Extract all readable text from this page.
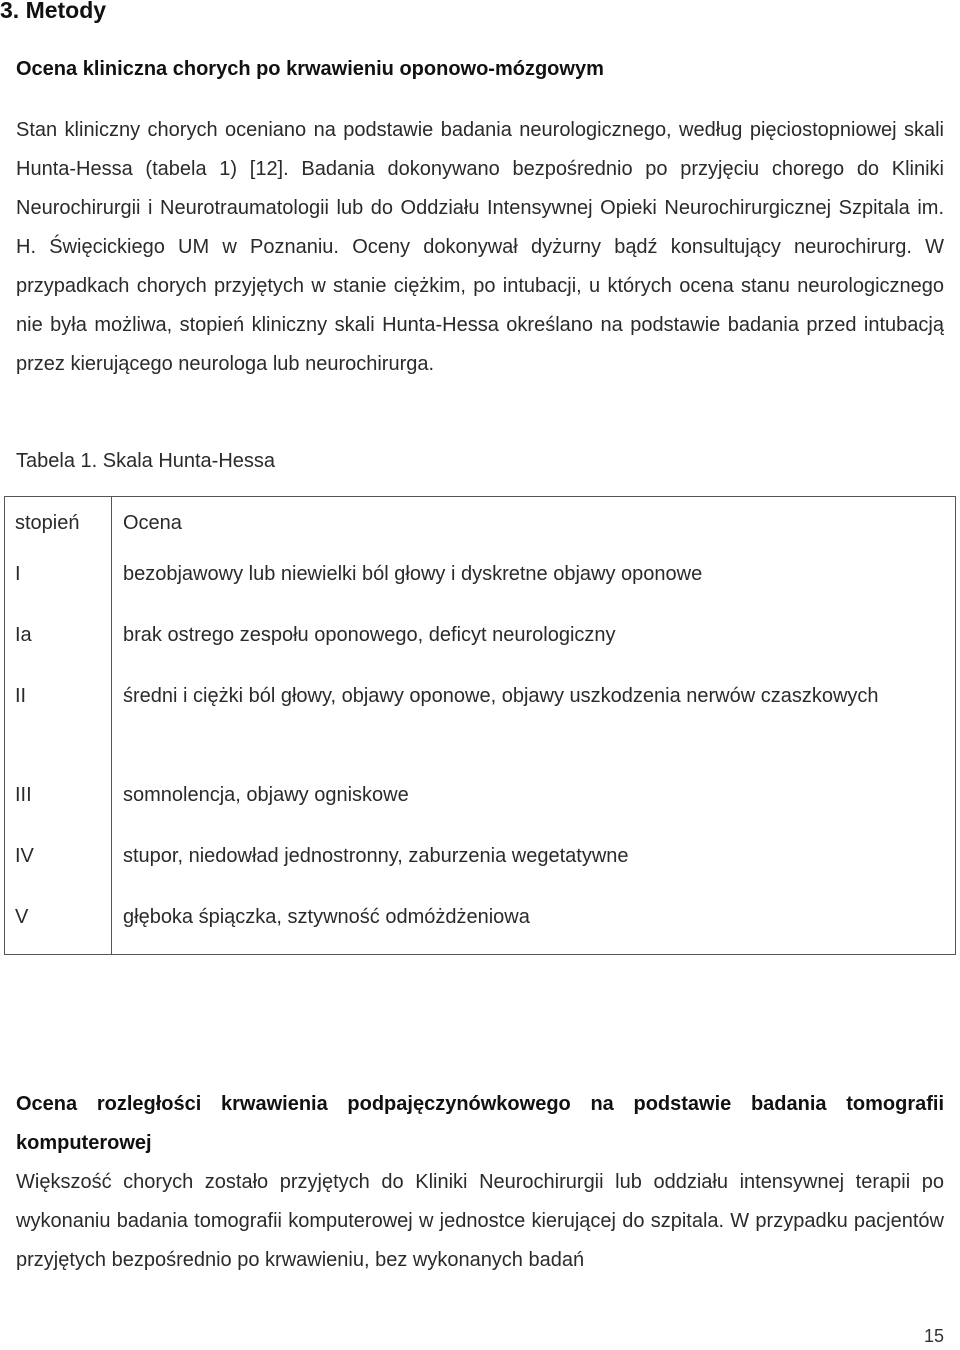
3. Metody
Ocena kliniczna chorych po krwawieniu oponowo-mózgowym

Stan kliniczny chorych oceniano na podstawie badania neurologicznego, według pięciostopniowej skali Hunta-Hessa (tabela 1) [12]. Badania dokonywano bezpośrednio po przyjęciu chorego do Kliniki Neurochirurgii i Neurotraumatologii lub do Oddziału Intensywnej Opieki Neurochirurgicznej Szpitala im. H. Święcickiego UM w Poznaniu. Oceny dokonywał dyżurny bądź konsultujący neurochirurg. W przypadkach chorych przyjętych w stanie ciężkim, po intubacji, u których ocena stanu neurologicznego nie była możliwa, stopień kliniczny skali Hunta-Hessa określano na podstawie badania przed intubacją przez kierującego neurologa lub neurochirurga.

Tabela 1. Skala Hunta-Hessa

stopień	Ocena
I	bezobjawowy lub niewielki ból głowy i dyskretne objawy oponowe
Ia	brak ostrego zespołu oponowego, deficyt neurologiczny
II	średni i ciężki ból głowy, objawy oponowe, objawy uszkodzenia nerwów czaszkowych
III	somnolencja, objawy ogniskowe
IV	stupor, niedowład jednostronny, zaburzenia wegetatywne
V	głęboka śpiączka, sztywność odmóżdżeniowa
Ocena rozległości krwawienia podpajęczynówkowego na podstawie badania tomografii komputerowej

Większość chorych zostało przyjętych do Kliniki Neurochirurgii lub oddziału intensywnej terapii po wykonaniu badania tomografii komputerowej w jednostce kierującej do szpitala. W przypadku pacjentów przyjętych bezpośrednio po krwawieniu, bez wykonanych badań

15
